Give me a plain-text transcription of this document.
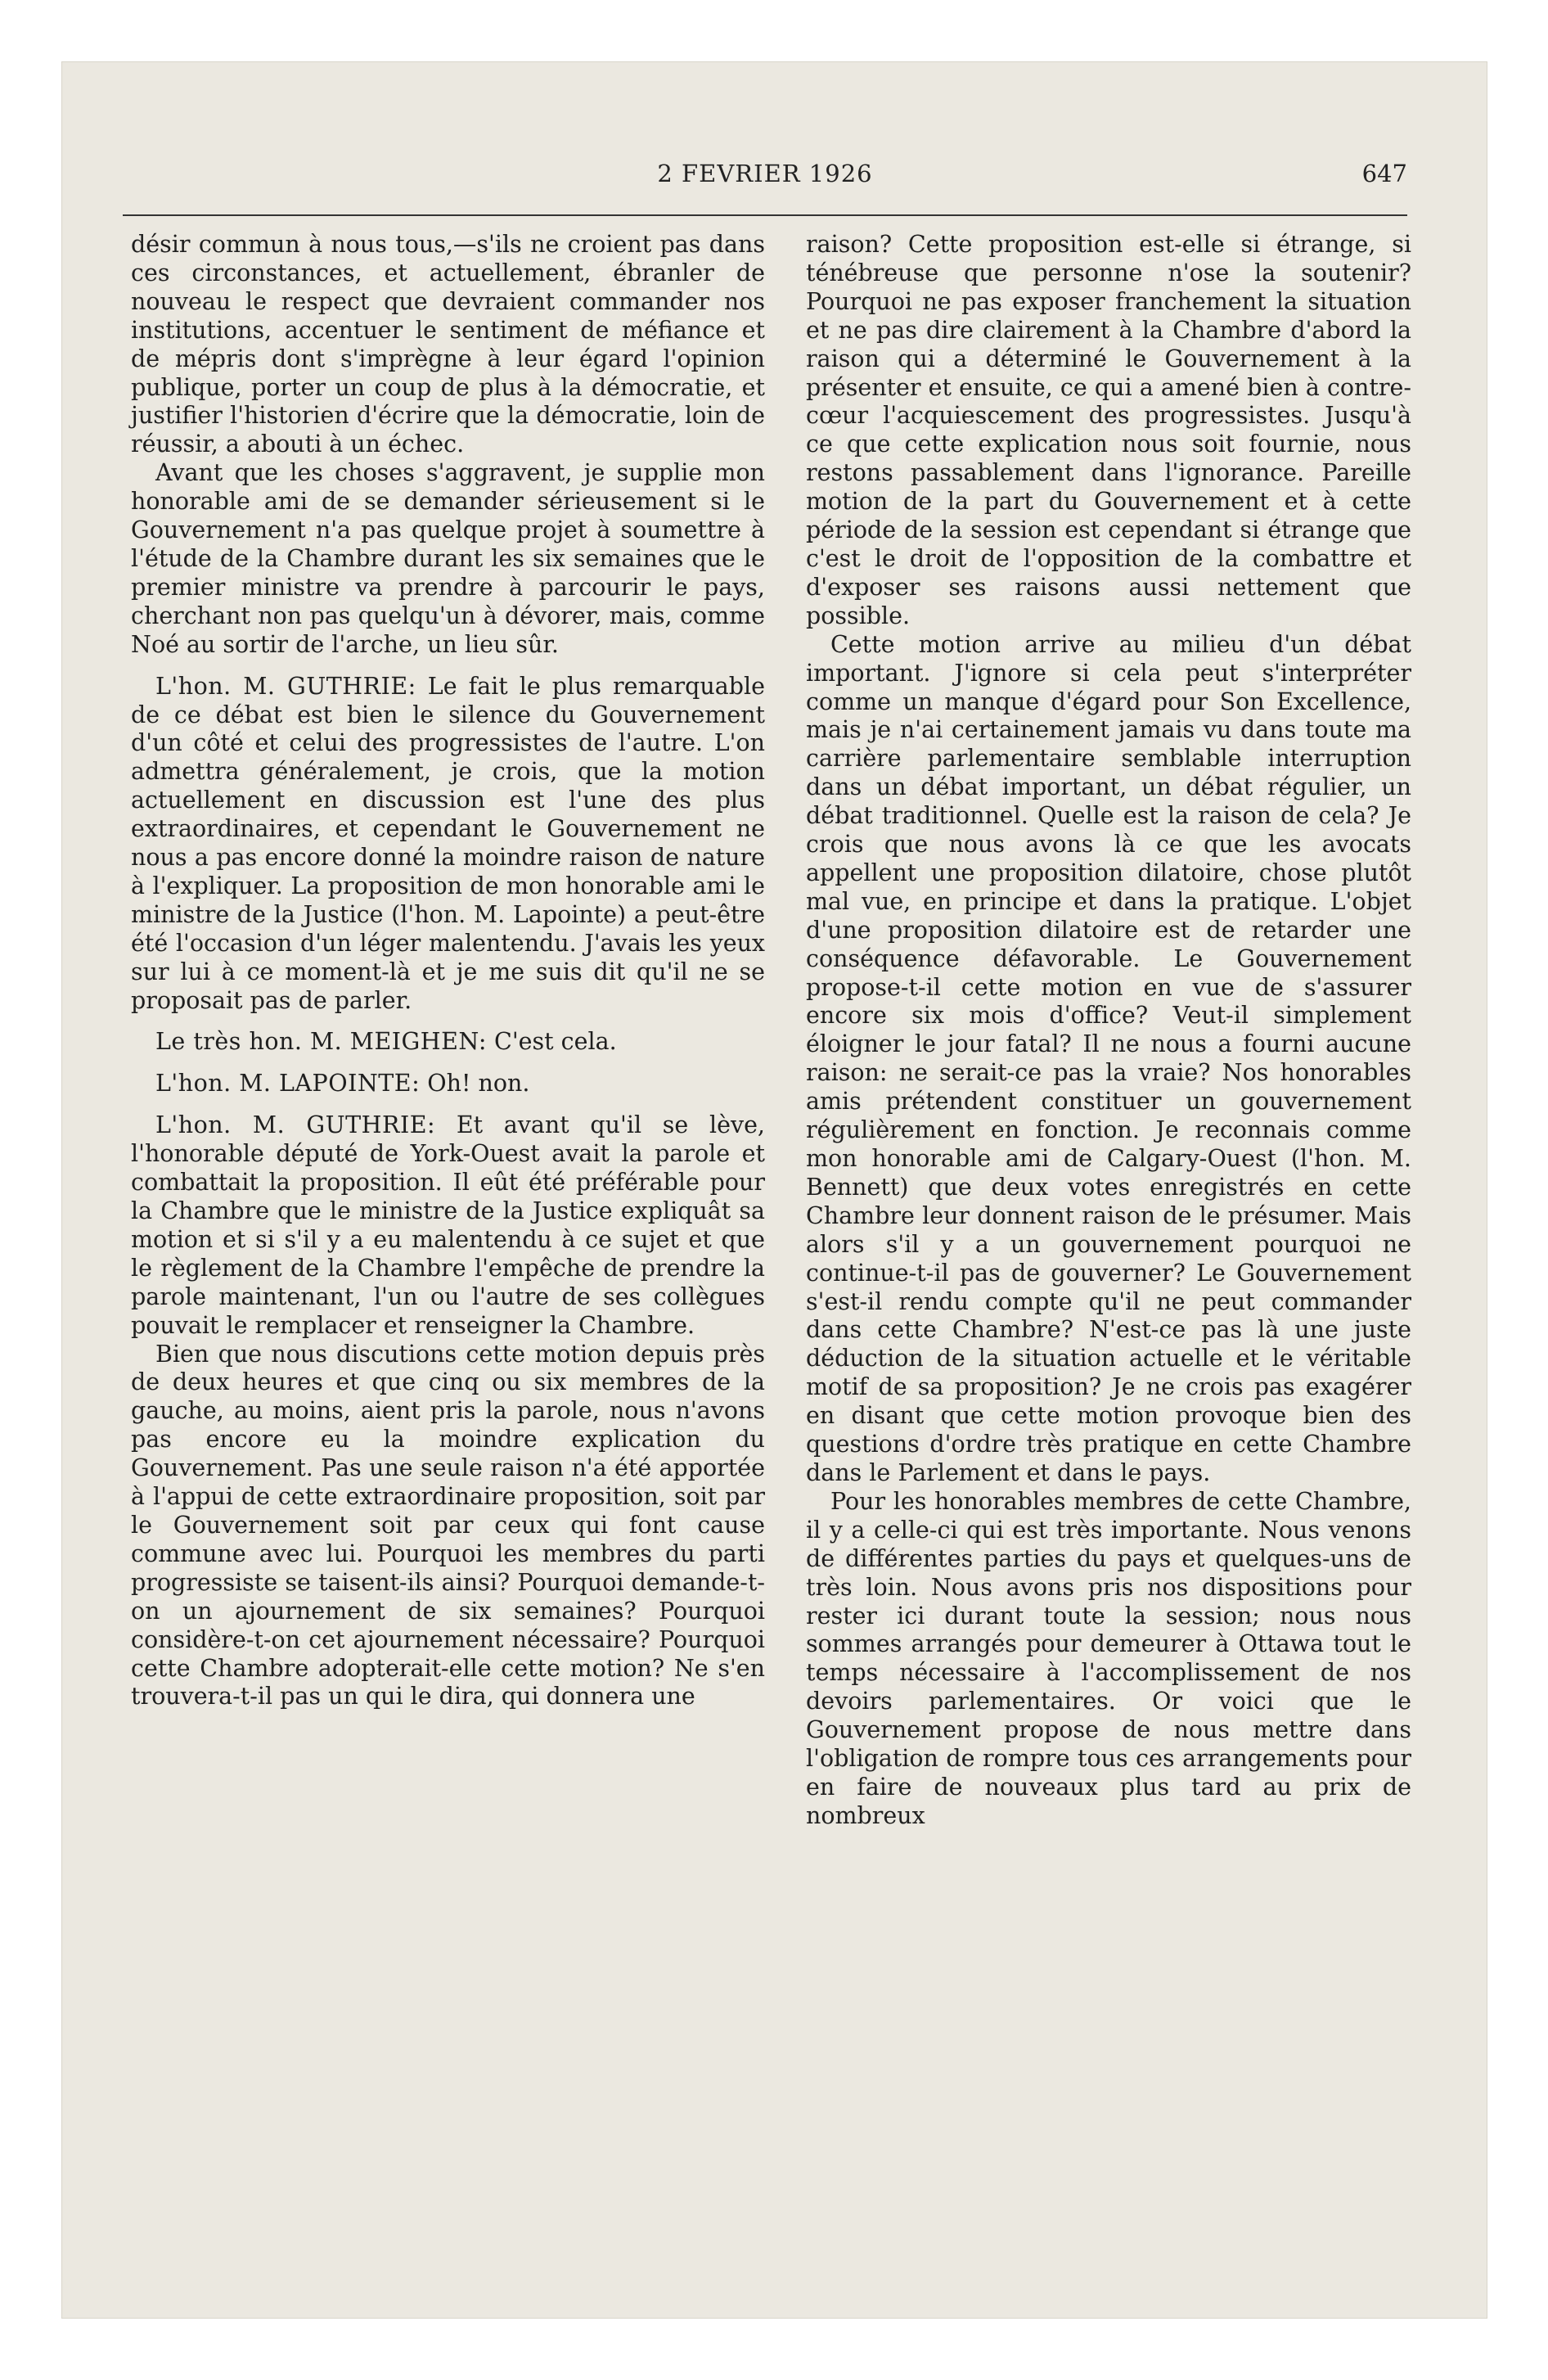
2 FEVRIER 1926	647

désir commun à nous tous,—s'ils ne croient pas dans ces circonstances, et actuellement, ébranler de nouveau le respect que devraient commander nos institutions, accentuer le sentiment de méfiance et de mépris dont s'imprègne à leur égard l'opinion publique, porter un coup de plus à la démocratie, et justifier l'historien d'écrire que la démocratie, loin de réussir, a abouti à un échec.

Avant que les choses s'aggravent, je supplie mon honorable ami de se demander sérieusement si le Gouvernement n'a pas quelque projet à soumettre à l'étude de la Chambre durant les six semaines que le premier ministre va prendre à parcourir le pays, cherchant non pas quelqu'un à dévorer, mais, comme Noé au sortir de l'arche, un lieu sûr.

L'hon. M. GUTHRIE: Le fait le plus remarquable de ce débat est bien le silence du Gouvernement d'un côté et celui des progressistes de l'autre. L'on admettra généralement, je crois, que la motion actuellement en discussion est l'une des plus extraordinaires, et cependant le Gouvernement ne nous a pas encore donné la moindre raison de nature à l'expliquer. La proposition de mon honorable ami le ministre de la Justice (l'hon. M. Lapointe) a peut-être été l'occasion d'un léger malentendu. J'avais les yeux sur lui à ce moment-là et je me suis dit qu'il ne se proposait pas de parler.

Le très hon. M. MEIGHEN: C'est cela.

L'hon. M. LAPOINTE: Oh! non.

L'hon. M. GUTHRIE: Et avant qu'il se lève, l'honorable député de York-Ouest avait la parole et combattait la proposition. Il eût été préférable pour la Chambre que le ministre de la Justice expliquât sa motion et si s'il y a eu malentendu à ce sujet et que le règlement de la Chambre l'empêche de prendre la parole maintenant, l'un ou l'autre de ses collègues pouvait le remplacer et renseigner la Chambre.

Bien que nous discutions cette motion depuis près de deux heures et que cinq ou six membres de la gauche, au moins, aient pris la parole, nous n'avons pas encore eu la moindre explication du Gouvernement. Pas une seule raison n'a été apportée à l'appui de cette extraordinaire proposition, soit par le Gouvernement soit par ceux qui font cause commune avec lui. Pourquoi les membres du parti progressiste se taisent-ils ainsi? Pourquoi demande-t-on un ajournement de six semaines? Pourquoi considère-t-on cet ajournement nécessaire? Pourquoi cette Chambre adopterait-elle cette motion? Ne s'en trouvera-t-il pas un qui le dira, qui donnera une

raison? Cette proposition est-elle si étrange, si ténébreuse que personne n'ose la soutenir? Pourquoi ne pas exposer franchement la situation et ne pas dire clairement à la Chambre d'abord la raison qui a déterminé le Gouvernement à la présenter et ensuite, ce qui a amené bien à contre-cœur l'acquiescement des progressistes. Jusqu'à ce que cette explication nous soit fournie, nous restons passablement dans l'ignorance. Pareille motion de la part du Gouvernement et à cette période de la session est cependant si étrange que c'est le droit de l'opposition de la combattre et d'exposer ses raisons aussi nettement que possible.

Cette motion arrive au milieu d'un débat important. J'ignore si cela peut s'interpréter comme un manque d'égard pour Son Excellence, mais je n'ai certainement jamais vu dans toute ma carrière parlementaire semblable interruption dans un débat important, un débat régulier, un débat traditionnel. Quelle est la raison de cela? Je crois que nous avons là ce que les avocats appellent une proposition dilatoire, chose plutôt mal vue, en principe et dans la pratique. L'objet d'une proposition dilatoire est de retarder une conséquence défavorable. Le Gouvernement propose-t-il cette motion en vue de s'assurer encore six mois d'office? Veut-il simplement éloigner le jour fatal? Il ne nous a fourni aucune raison: ne serait-ce pas la vraie? Nos honorables amis prétendent constituer un gouvernement régulièrement en fonction. Je reconnais comme mon honorable ami de Calgary-Ouest (l'hon. M. Bennett) que deux votes enregistrés en cette Chambre leur donnent raison de le présumer. Mais alors s'il y a un gouvernement pourquoi ne continue-t-il pas de gouverner? Le Gouvernement s'est-il rendu compte qu'il ne peut commander dans cette Chambre? N'est-ce pas là une juste déduction de la situation actuelle et le véritable motif de sa proposition? Je ne crois pas exagérer en disant que cette motion provoque bien des questions d'ordre très pratique en cette Chambre dans le Parlement et dans le pays.

Pour les honorables membres de cette Chambre, il y a celle-ci qui est très importante. Nous venons de différentes parties du pays et quelques-uns de très loin. Nous avons pris nos dispositions pour rester ici durant toute la session; nous nous sommes arrangés pour demeurer à Ottawa tout le temps nécessaire à l'accomplissement de nos devoirs parlementaires. Or voici que le Gouvernement propose de nous mettre dans l'obligation de rompre tous ces arrangements pour en faire de nouveaux plus tard au prix de nombreux
